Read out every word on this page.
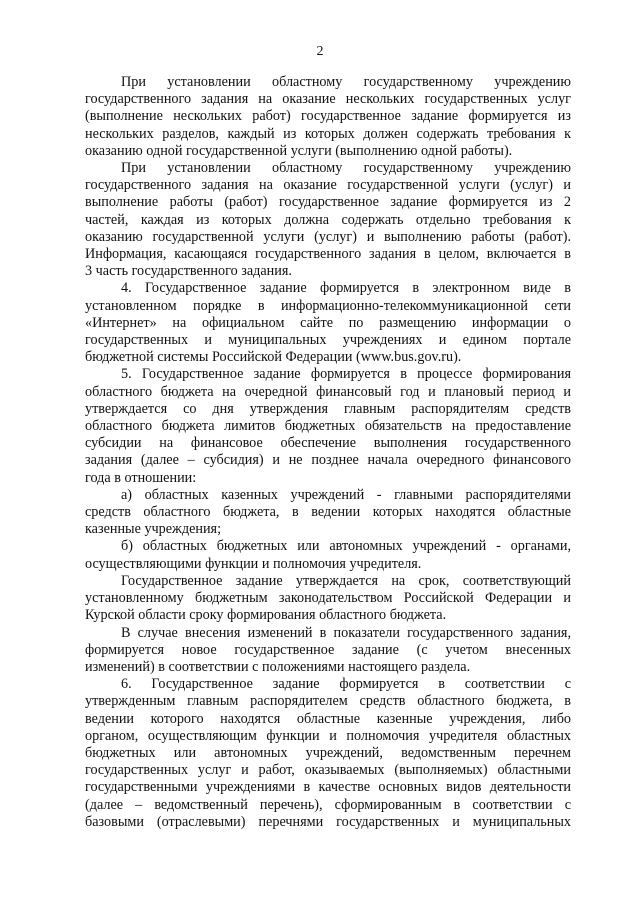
2
При установлении областному государственному учреждению
государственного задания на оказание нескольких государственных услуг
(выполнение нескольких работ) государственное задание формируется из
нескольких разделов, каждый из которых должен содержать требования к
оказанию одной государственной услуги (выполнению одной работы).
При установлении областному государственному учреждению
государственного задания на оказание государственной услуги (услуг) и
выполнение работы (работ) государственное задание формируется из 2
частей, каждая из которых должна содержать отдельно требования к
оказанию государственной услуги (услуг) и выполнению работы (работ).
Информация, касающаяся государственного задания в целом, включается в
3 часть государственного задания.
4. Государственное задание формируется в электронном виде в
установленном порядке в информационно-телекоммуникационной сети
«Интернет» на официальном сайте по размещению информации о
государственных и муниципальных учреждениях и едином портале
бюджетной системы Российской Федерации (www.bus.gov.ru).
5. Государственное задание формируется в процессе формирования
областного бюджета на очередной финансовый год и плановый период и
утверждается со дня утверждения главным распорядителям средств
областного бюджета лимитов бюджетных обязательств на предоставление
субсидии на финансовое обеспечение выполнения государственного
задания (далее – субсидия) и не позднее начала очередного финансового
года в отношении:
а) областных казенных учреждений - главными распорядителями
средств областного бюджета, в ведении которых находятся областные
казенные учреждения;
б) областных бюджетных или автономных учреждений - органами,
осуществляющими функции и полномочия учредителя.
Государственное задание утверждается на срок, соответствующий
установленному бюджетным законодательством Российской Федерации и
Курской области сроку формирования областного бюджета.
В случае внесения изменений в показатели государственного задания,
формируется новое государственное задание (с учетом внесенных
изменений) в соответствии с положениями настоящего раздела.
6. Государственное задание формируется в соответствии с
утвержденным главным распорядителем средств областного бюджета, в
ведении которого находятся областные казенные учреждения, либо
органом, осуществляющим функции и полномочия учредителя областных
бюджетных или автономных учреждений, ведомственным перечнем
государственных услуг и работ, оказываемых (выполняемых) областными
государственными учреждениями в качестве основных видов деятельности
(далее – ведомственный перечень), сформированным в соответствии с
базовыми (отраслевыми) перечнями государственных и муниципальных
